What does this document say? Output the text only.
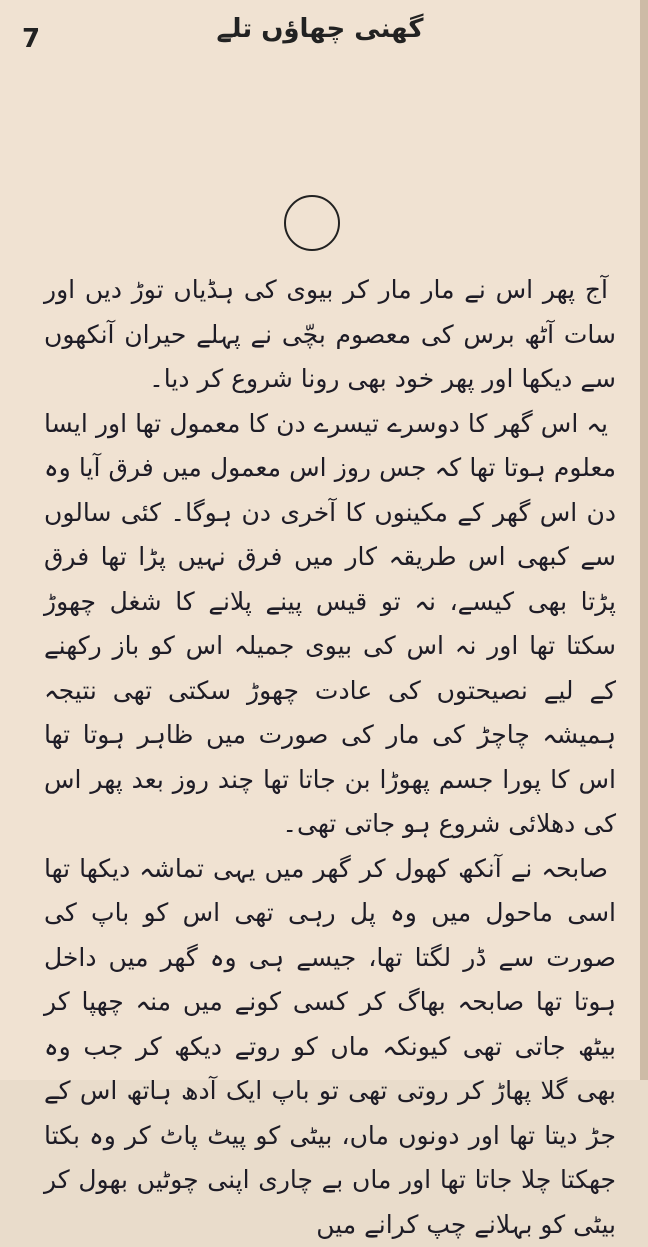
7	گھنی چھاؤں تلے

آج پھر اس نے مار مار کر بیوی کی ہڈیاں توڑ دیں اور سات آٹھ برس کی معصوم بچّی نے پہلے حیران آنکھوں سے دیکھا اور پھر خود بھی رونا شروع کر دیا۔

یہ اس گھر کا دوسرے تیسرے دن کا معمول تھا اور ایسا معلوم ہوتا تھا کہ جس روز اس معمول میں فرق آیا وہ دن اس گھر کے مکینوں کا آخری دن ہوگا۔ کئی سالوں سے کبھی اس طریقہ کار میں فرق نہیں پڑا تھا فرق پڑتا بھی کیسے، نہ تو قیس پینے پلانے کا شغل چھوڑ سکتا تھا اور نہ اس کی بیوی جمیلہ اس کو باز رکھنے کے لیے نصیحتوں کی عادت چھوڑ سکتی تھی نتیجہ ہمیشہ چاچڑ کی مار کی صورت میں ظاہر ہوتا تھا اس کا پورا جسم پھوڑا بن جاتا تھا چند روز بعد پھر اس کی دھلائی شروع ہو جاتی تھی۔

صابحہ نے آنکھ کھول کر گھر میں یہی تماشہ دیکھا تھا اسی ماحول میں وہ پل رہی تھی اس کو باپ کی صورت سے ڈر لگتا تھا، جیسے ہی وہ گھر میں داخل ہوتا تھا صابحہ بھاگ کر کسی کونے میں منہ چھپا کر بیٹھ جاتی تھی کیونکہ ماں کو روتے دیکھ کر جب وہ بھی گلا پھاڑ کر روتی تھی تو باپ ایک آدھ ہاتھ اس کے جڑ دیتا تھا اور دونوں ماں، بیٹی کو پیٹ پاٹ کر وہ بکتا جھکتا چلا جاتا تھا اور ماں بے چاری اپنی چوٹیں بھول کر بیٹی کو بہلانے چپ کرانے میں
